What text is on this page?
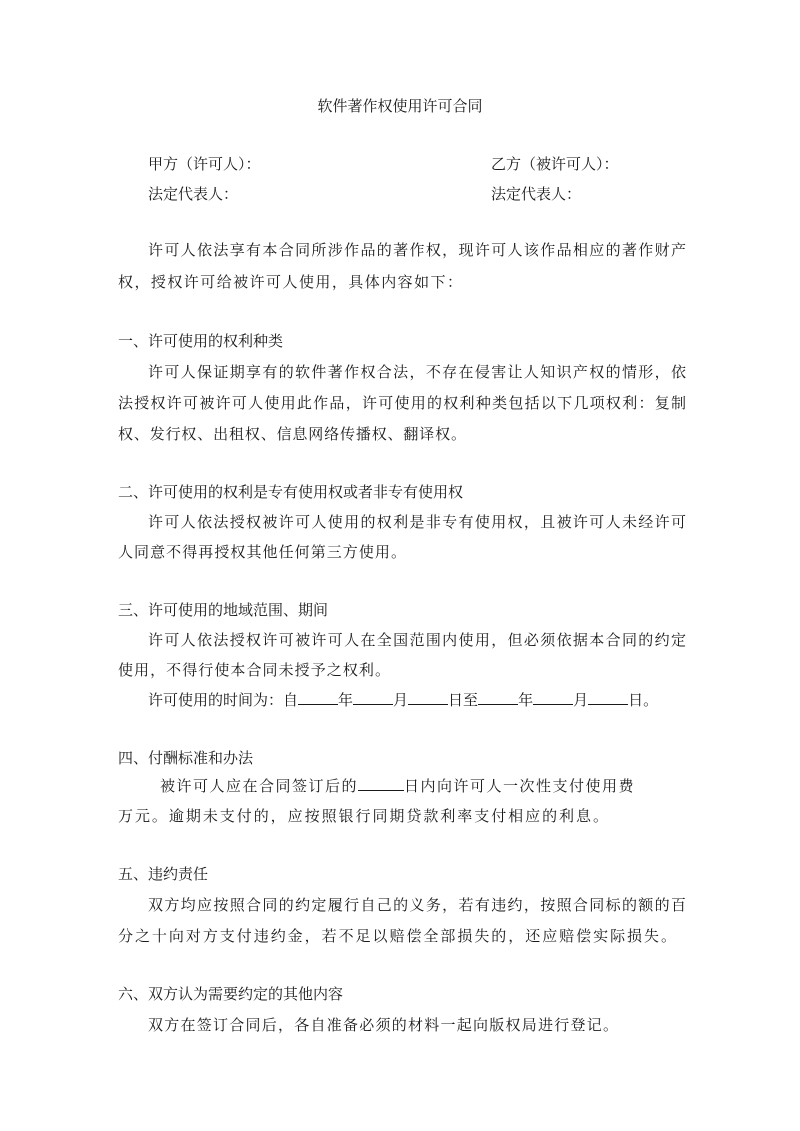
软件著作权使用许可合同
甲方（许可人）：	乙方（被许可人）：
法定代表人：	法定代表人：
许可人依法享有本合同所涉作品的著作权，现许可人该作品相应的著作财产
权，授权许可给被许可人使用，具体内容如下：
一、许可使用的权利种类
许可人保证期享有的软件著作权合法，不存在侵害让人知识产权的情形，依
法授权许可被许可人使用此作品，许可使用的权利种类包括以下几项权利：复制
权、发行权、出租权、信息网络传播权、翻译权。
二、许可使用的权利是专有使用权或者非专有使用权
许可人依法授权被许可人使用的权利是非专有使用权，且被许可人未经许可
人同意不得再授权其他任何第三方使用。
三、许可使用的地域范围、期间
许可人依法授权许可被许可人在全国范围内使用，但必须依据本合同的约定
使用，不得行使本合同未授予之权利。
许可使用的时间为：自	年	月	日至	年	月	日。
四、付酬标准和办法
被许可人应在合同签订后的	日内向许可人一次性支付使用费
万元。逾期未支付的，应按照银行同期贷款利率支付相应的利息。
五、违约责任
双方均应按照合同的约定履行自己的义务，若有违约，按照合同标的额的百
分之十向对方支付违约金，若不足以赔偿全部损失的，还应赔偿实际损失。
六、双方认为需要约定的其他内容
双方在签订合同后，各自准备必须的材料一起向版权局进行登记。
